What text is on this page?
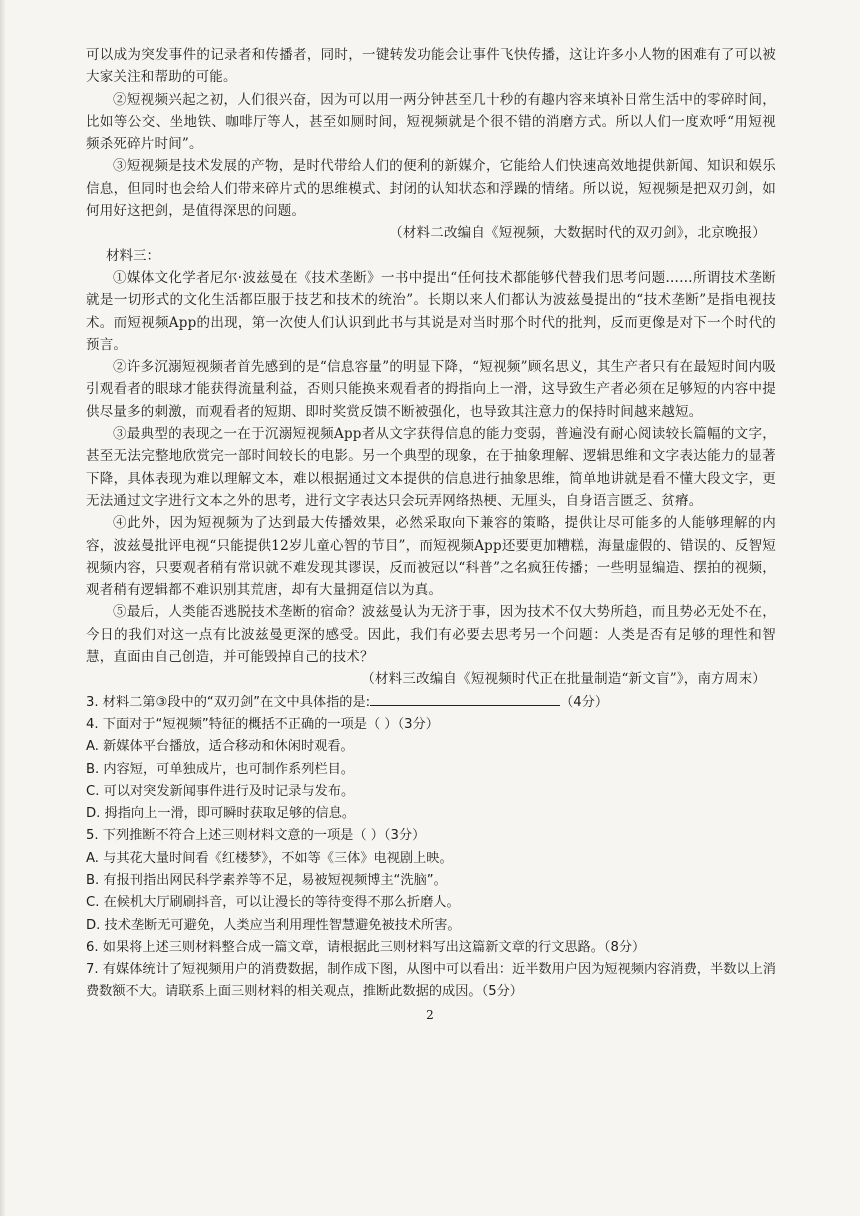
可以成为突发事件的记录者和传播者，同时，一键转发功能会让事件飞快传播，这让许多小人物的困难有了可以被大家关注和帮助的可能。

②短视频兴起之初，人们很兴奋，因为可以用一两分钟甚至几十秒的有趣内容来填补日常生活中的零碎时间，比如等公交、坐地铁、咖啡厅等人，甚至如厕时间，短视频就是个很不错的消磨方式。所以人们一度欢呼“用短视频杀死碎片时间”。

③短视频是技术发展的产物，是时代带给人们的便利的新媒介，它能给人们快速高效地提供新闻、知识和娱乐信息，但同时也会给人们带来碎片式的思维模式、封闭的认知状态和浮躁的情绪。所以说，短视频是把双刃剑，如何用好这把剑，是值得深思的问题。

（材料二改编自《短视频，大数据时代的双刃剑》，北京晚报）

材料三：

①媒体文化学者尼尔·波兹曼在《技术垄断》一书中提出“任何技术都能够代替我们思考问题……所谓技术垄断就是一切形式的文化生活都臣服于技艺和技术的统治”。长期以来人们都认为波兹曼提出的“技术垄断”是指电视技术。而短视频App的出现，第一次使人们认识到此书与其说是对当时那个时代的批判，反而更像是对下一个时代的预言。

②许多沉溺短视频者首先感到的是“信息容量”的明显下降，“短视频”顾名思义，其生产者只有在最短时间内吸引观看者的眼球才能获得流量利益，否则只能换来观看者的拇指向上一滑，这导致生产者必须在足够短的内容中提供尽量多的刺激，而观看者的短期、即时奖赏反馈不断被强化，也导致其注意力的保持时间越来越短。

③最典型的表现之一在于沉溺短视频App者从文字获得信息的能力变弱，普遍没有耐心阅读较长篇幅的文字，甚至无法完整地欣赏完一部时间较长的电影。另一个典型的现象，在于抽象理解、逻辑思维和文字表达能力的显著下降，具体表现为难以理解文本，难以根据通过文本提供的信息进行抽象思维，简单地讲就是看不懂大段文字，更无法通过文字进行文本之外的思考，进行文字表达只会玩弄网络热梗、无厘头，自身语言匮乏、贫瘠。

④此外，因为短视频为了达到最大传播效果，必然采取向下兼容的策略，提供让尽可能多的人能够理解的内容，波兹曼批评电视“只能提供12岁儿童心智的节目”，而短视频App还要更加糟糕，海量虚假的、错误的、反智短视频内容，只要观者稍有常识就不难发现其谬误，反而被冠以“科普”之名疯狂传播；一些明显编造、摆拍的视频，观者稍有逻辑都不难识别其荒唐，却有大量拥趸信以为真。

⑤最后，人类能否逃脱技术垄断的宿命？波兹曼认为无济于事，因为技术不仅大势所趋，而且势必无处不在，今日的我们对这一点有比波兹曼更深的感受。因此，我们有必要去思考另一个问题：人类是否有足够的理性和智慧，直面由自己创造，并可能毁掉自己的技术？

（材料三改编自《短视频时代正在批量制造“新文盲”》，南方周末）

3. 材料二第③段中的“双刃剑”在文中具体指的是:	（4分）

4. 下面对于“短视频”特征的概括不正确的一项是（ ）（3分）

A. 新媒体平台播放，适合移动和休闲时观看。

B. 内容短，可单独成片，也可制作系列栏目。

C. 可以对突发新闻事件进行及时记录与发布。

D. 拇指向上一滑，即可瞬时获取足够的信息。

5. 下列推断不符合上述三则材料文意的一项是（ ）（3分）

A. 与其花大量时间看《红楼梦》，不如等《三体》电视剧上映。

B. 有报刊指出网民科学素养等不足，易被短视频博主“洗脑”。

C. 在候机大厅刷刷抖音，可以让漫长的等待变得不那么折磨人。

D. 技术垄断无可避免，人类应当利用理性智慧避免被技术所害。

6. 如果将上述三则材料整合成一篇文章，请根据此三则材料写出这篇新文章的行文思路。（8分）

7. 有媒体统计了短视频用户的消费数据，制作成下图，从图中可以看出：近半数用户因为短视频内容消费，半数以上消费数额不大。请联系上面三则材料的相关观点，推断此数据的成因。（5分）

2
